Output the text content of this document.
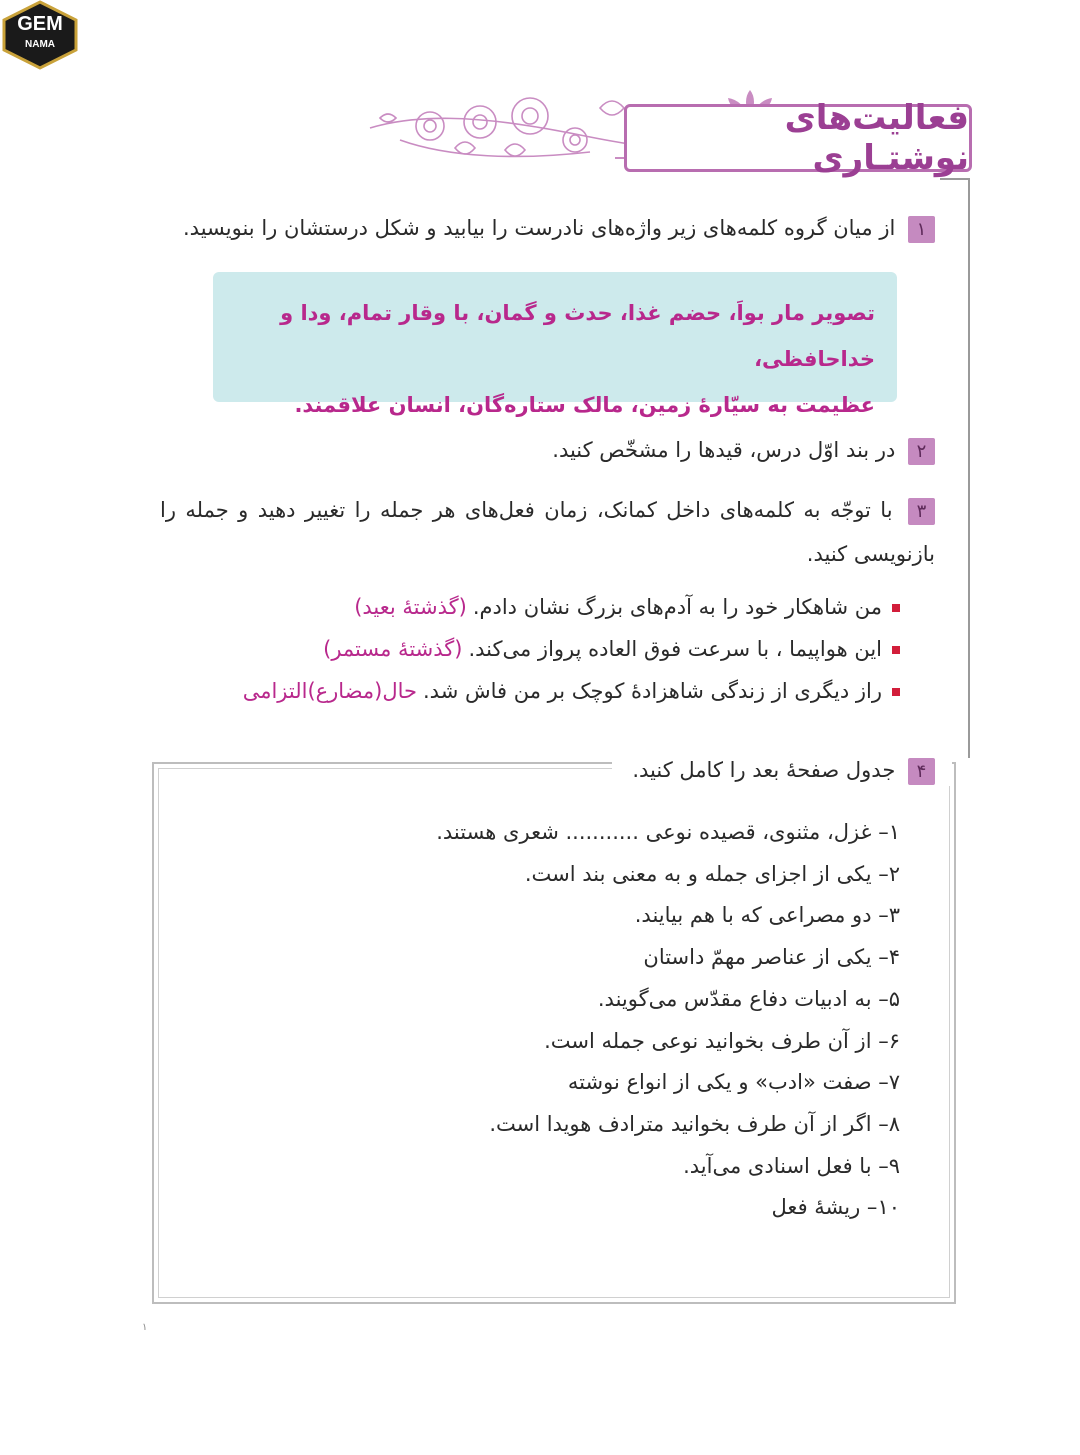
GEM
NAMA
فعالیت‌های نوشتـاری
۱ از میان گروه کلمه‌های زیر واژه‌های نادرست را بیابید و شکل درستشان را بنویسید.
تصویر مار بواَ، حضم غذا، حدث و گمان، با وقار تمام، ودا و خداحافظی،
عظیمت به سیّارهٔ زمین، مالک ستاره‌گان، انسان علاقمند.
۲ در بند اوّل درس، قیدها را مشخّص کنید.
۳ با توجّه به کلمه‌های داخل کمانک، زمان فعل‌های هر جمله را تغییر دهید و جمله را بازنویسی کنید.
من شاهکار خود را به آدم‌های بزرگ نشان دادم.(گذشتهٔ بعید)
این هواپیما ، با سرعت فوق العاده پرواز می‌کند.(گذشتهٔ مستمر)
راز دیگری از زندگی شاهزادهٔ کوچک بر من فاش شد.حال(مضارع)التزامی
۴ جدول صفحهٔ بعد را کامل کنید.
۱– غزل، مثنوی، قصیده نوعی ........... شعری هستند.
۲– یکی از اجزای جمله و به معنی بند است.
۳– دو مصراعی که با هم بیایند.
۴– یکی از عناصر مهمّ داستان
۵– به ادبیات دفاع مقدّس می‌گویند.
۶– از آن طرف بخوانید نوعی جمله است.
۷– صفت «ادب» و یکی از انواع نوشته
۸– اگر از آن طرف بخوانید مترادف هویدا است.
۹– با فعل اسنادی می‌آید.
۱۰– ریشهٔ فعل
۱
